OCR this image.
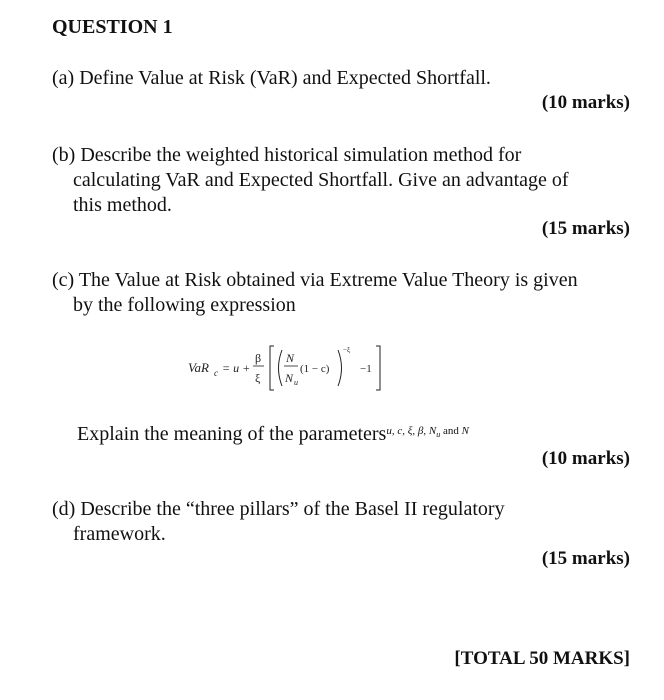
QUESTION 1
(a) Define Value at Risk (VaR) and Expected Shortfall.
(10 marks)
(b) Describe the weighted historical simulation method for
calculating VaR and Expected Shortfall. Give an advantage of
this method.
(15 marks)
(c) The Value at Risk obtained via Extreme Value Theory is given
by the following expression
VaR c = u +
β
ξ
N
N u
(1 − c)
−ξ
−1
Explain the meaning of the parameters$^{u, c, \xi, \beta, N_u and N}$
(10 marks)
(d) Describe the “three pillars” of the Basel II regulatory
framework.
(15 marks)
[TOTAL 50 MARKS]
